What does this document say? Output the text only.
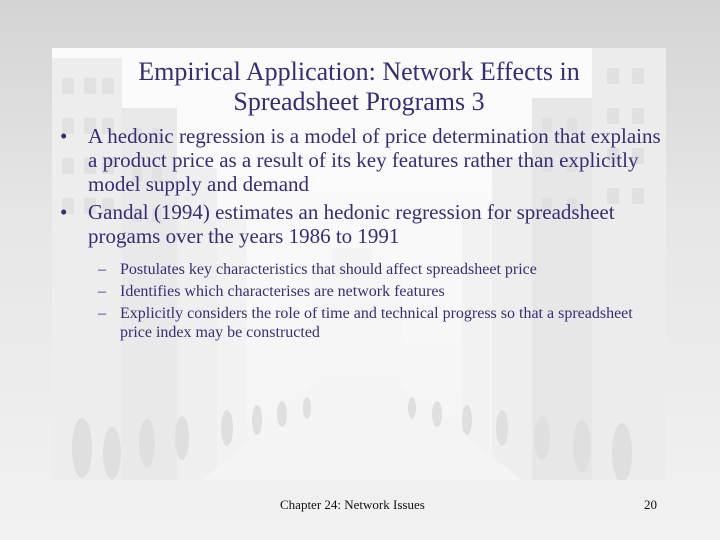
Empirical Application: Network Effects in
Spreadsheet Programs 3
• A hedonic regression is a model of price determination that explains a product price as a result of its key features rather than explicitly model supply and demand
• Gandal (1994) estimates an hedonic regression for spreadsheet progams over the years 1986 to 1991
– Postulates key characteristics that should affect spreadsheet price
– Identifies which characterises are network features
– Explicitly considers the role of time and technical progress so that a spreadsheet price index may be constructed
Chapter 24: Network Issues	20
